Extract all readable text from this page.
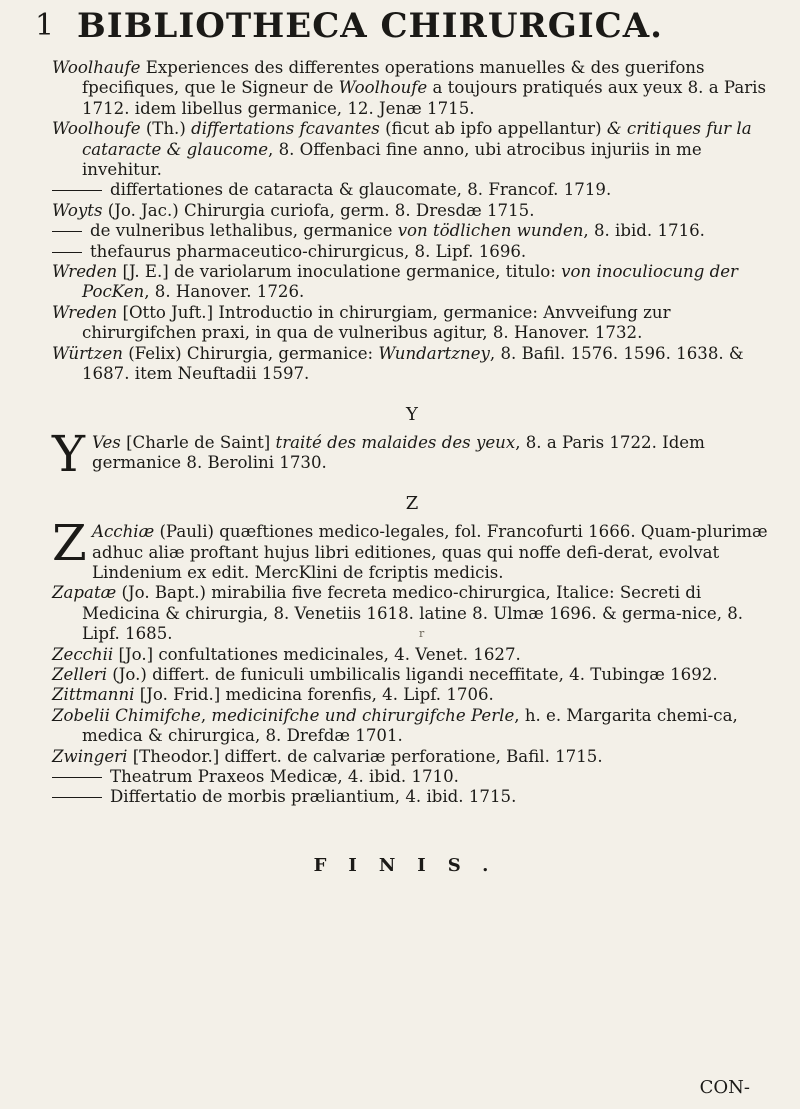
1 BIBLIOTHECA CHIRURGICA.

Woolhaufe Experiences des differentes operations manuelles & des guerifons fpecifiques, que le Signeur de Woolhoufe a toujours pratiqués aux yeux 8. a Paris 1712. idem libellus germanice, 12. Jenæ 1715.

Woolhoufe (Th.) differtations fcavantes (ficut ab ipfo appellantur) & critiques fur la cataracte & glaucome, 8. Offenbaci fine anno, ubi atrocibus injuriis in me invehitur.

differtationes de cataracta & glaucomate, 8. Francof. 1719.

Woyts (Jo. Jac.) Chirurgia curiofa, germ. 8. Dresdæ 1715.

de vulneribus lethalibus, germanice von tödlichen wunden, 8. ibid. 1716.

thefaurus pharmaceutico-chirurgicus, 8. Lipf. 1696.

Wreden [J. E.] de variolarum inoculatione germanice, titulo: von inoculiocung der PocKen, 8. Hanover. 1726.

Wreden [Otto Juft.] Introductio in chirurgiam, germanice: Anvveifung zur chirurgifchen praxi, in qua de vulneribus agitur, 8. Hanover. 1732.

Würtzen (Felix) Chirurgia, germanice: Wundartzney, 8. Bafil. 1576. 1596. 1638. & 1687. item Neuftadii 1597.

Y

Y Ves [Charle de Saint] traité des malaides des yeux, 8. a Paris 1722. Idem germanice 8. Berolini 1730.

Z

Z Acchiæ (Pauli) quæftiones medico-legales, fol. Francofurti 1666. Quam-plurimæ adhuc aliæ proftant hujus libri editiones, quas qui noffe defi-derat, evolvat Lindenium ex edit. MercKlini de fcriptis medicis.

Zapatæ (Jo. Bapt.) mirabilia five fecreta medico-chirurgica, Italice: Secreti di Medicina & chirurgia, 8. Venetiis 1618. latine 8. Ulmæ 1696. & germa-nice, 8. Lipf. 1685.

Zecchii [Jo.] confultationes medicinales, 4. Venet. 1627.

Zelleri (Jo.) differt. de funiculi umbilicalis ligandi neceffitate, 4. Tubingæ 1692.

Zittmanni [Jo. Frid.] medicina forenfis, 4. Lipf. 1706.

Zobelii Chimifche, medicinifche und chirurgifche Perle, h. e. Margarita chemi-ca, medica & chirurgica, 8. Drefdæ 1701.

Zwingeri [Theodor.] differt. de calvariæ perforatione, Bafil. 1715.

Theatrum Praxeos Medicæ, 4. ibid. 1710.

Differtatio de morbis præliantium, 4. ibid. 1715.

FINIS.
r
CON-
